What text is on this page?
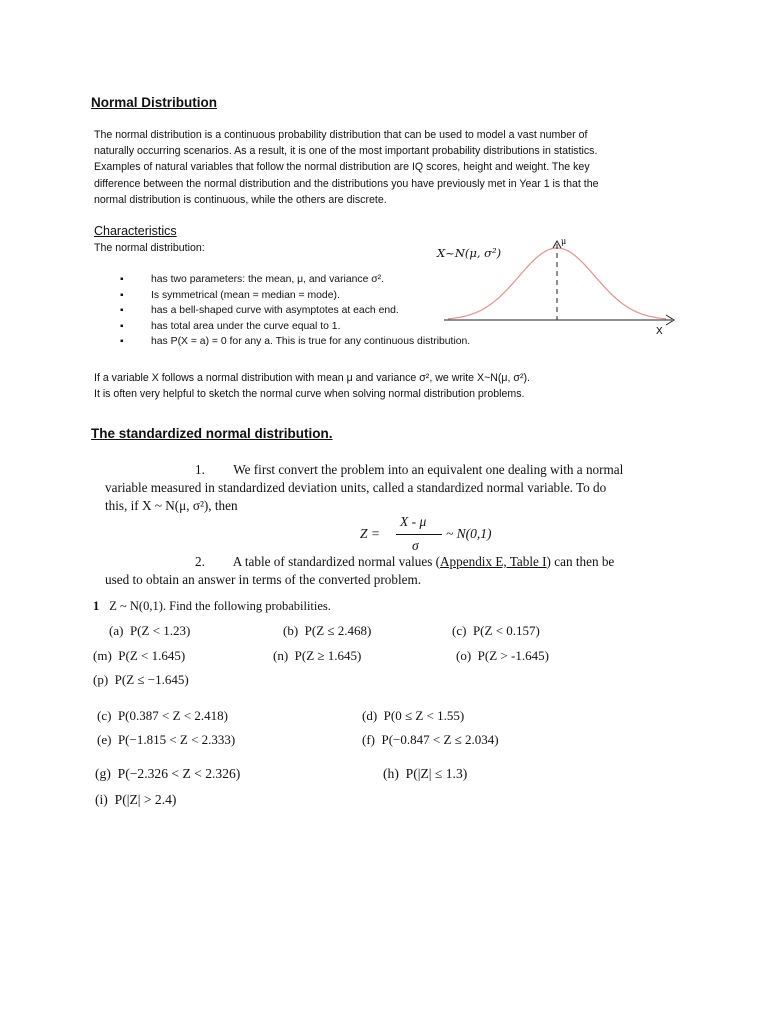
Normal Distribution
The normal distribution is a continuous probability distribution that can be used to model a vast number of
naturally occurring scenarios. As a result, it is one of the most important probability distributions in statistics.
Examples of natural variables that follow the normal distribution are IQ scores, height and weight. The key
difference between the normal distribution and the distributions you have previously met in Year 1 is that the
normal distribution is continuous, while the others are discrete.
Characteristics
The normal distribution:	X~N(μ, σ²)
▪ has two parameters: the mean, μ, and variance σ².
▪ Is symmetrical (mean = median = mode).
▪ has a bell-shaped curve with asymptotes at each end.
▪ has total area under the curve equal to 1.
▪ has P(X = a) = 0 for any a. This is true for any continuous distribution.
μ
X
If a variable X follows a normal distribution with mean μ and variance σ², we write X~N(μ, σ²).
It is often very helpful to sketch the normal curve when solving normal distribution problems.
The standardized normal distribution.
1. We first convert the problem into an equivalent one dealing with a normal
variable measured in standardized deviation units, called a standardized normal variable. To do
this, if X ~ N(μ, σ²), then
Z =
X - μ
σ
~ N(0,1)
2. A table of standardized normal values (Appendix E, Table I) can then be
used to obtain an answer in terms of the converted problem.
1 Z ~ N(0,1). Find the following probabilities.
(a) P(Z < 1.23)	(b) P(Z ≤ 2.468)	(c) P(Z < 0.157)
(m) P(Z < 1.645)	(n) P(Z ≥ 1.645)	(o) P(Z > -1.645)
(p) P(Z ≤ −1.645)
(c) P(0.387 < Z < 2.418)	(d) P(0 ≤ Z < 1.55)
(e) P(−1.815 < Z < 2.333)	(f) P(−0.847 < Z ≤ 2.034)
(g) P(−2.326 < Z < 2.326)	(h) P(|Z| ≤ 1.3)
(i) P(|Z| > 2.4)
